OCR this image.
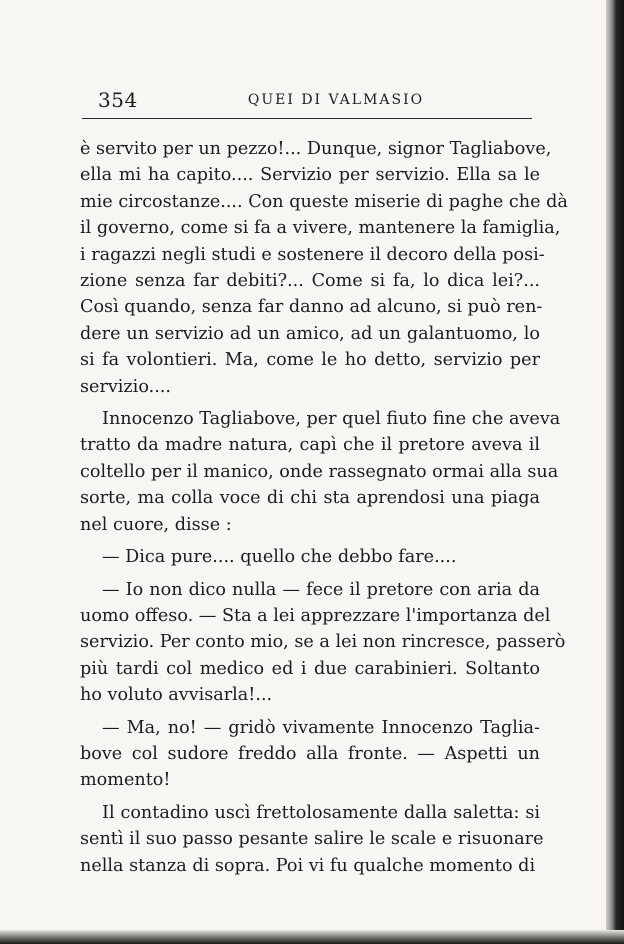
354	QUEI DI VALMASIO
è servito per un pezzo!... Dunque, signor Tagliabove,
ella mi ha capito.... Servizio per servizio. Ella sa le
mie circostanze.... Con queste miserie di paghe che dà
il governo, come si fa a vivere, mantenere la famiglia,
i ragazzi negli studi e sostenere il decoro della posi-
zione senza far debiti?... Come si fa, lo dica lei?...
Così quando, senza far danno ad alcuno, si può ren-
dere un servizio ad un amico, ad un galantuomo, lo
si fa volontieri. Ma, come le ho detto, servizio per
servizio....
Innocenzo Tagliabove, per quel fiuto fine che aveva
tratto da madre natura, capì che il pretore aveva il
coltello per il manico, onde rassegnato ormai alla sua
sorte, ma colla voce di chi sta aprendosi una piaga
nel cuore, disse :
— Dica pure.... quello che debbo fare....
— Io non dico nulla — fece il pretore con aria da
uomo offeso. — Sta a lei apprezzare l'importanza del
servizio. Per conto mio, se a lei non rincresce, passerò
più tardi col medico ed i due carabinieri. Soltanto
ho voluto avvisarla!...
— Ma, no! — gridò vivamente Innocenzo Taglia-
bove col sudore freddo alla fronte. — Aspetti un
momento!
Il contadino uscì frettolosamente dalla saletta: si
sentì il suo passo pesante salire le scale e risuonare
nella stanza di sopra. Poi vi fu qualche momento di
